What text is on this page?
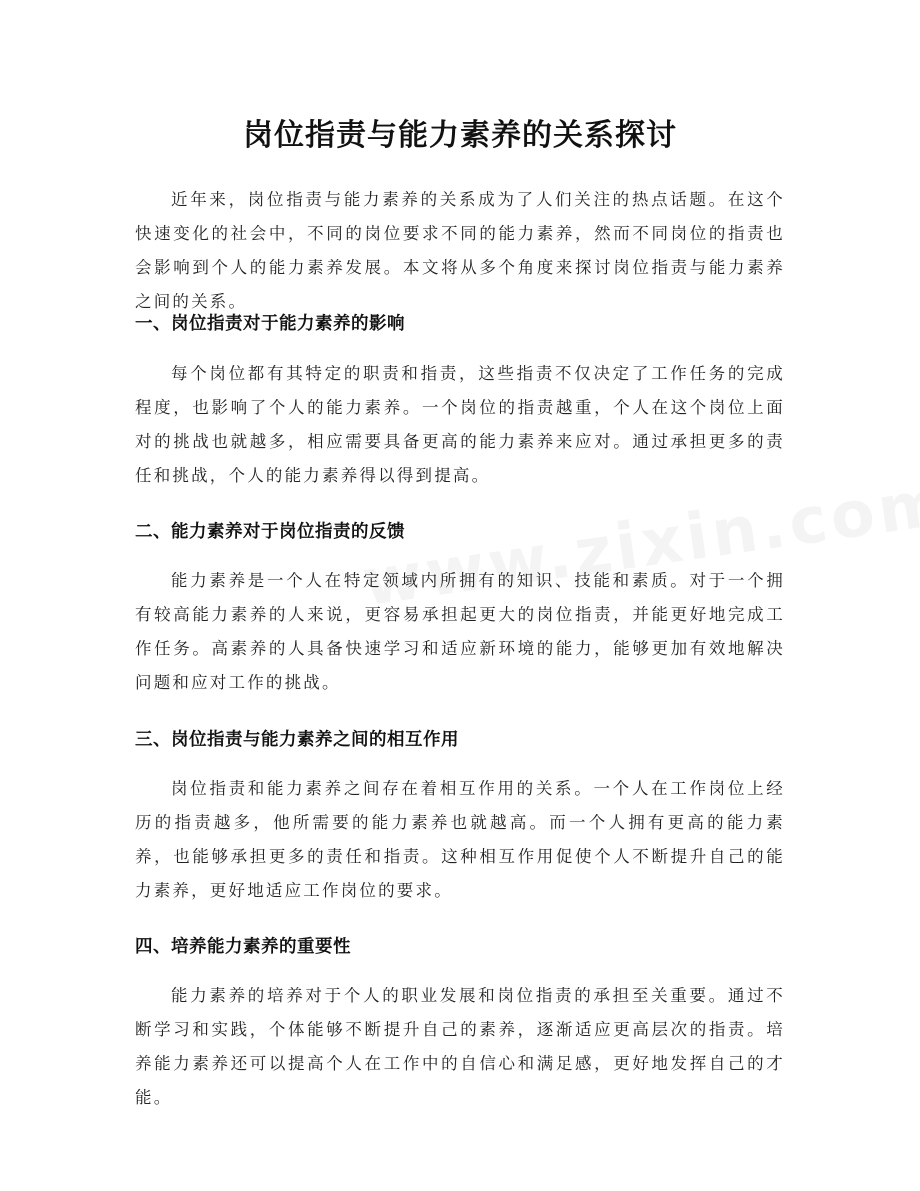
岗位指责与能力素养的关系探讨

近年来，岗位指责与能力素养的关系成为了人们关注的热点话题。在这个快速变化的社会中，不同的岗位要求不同的能力素养，然而不同岗位的指责也会影响到个人的能力素养发展。本文将从多个角度来探讨岗位指责与能力素养之间的关系。

一、岗位指责对于能力素养的影响

每个岗位都有其特定的职责和指责，这些指责不仅决定了工作任务的完成程度，也影响了个人的能力素养。一个岗位的指责越重，个人在这个岗位上面对的挑战也就越多，相应需要具备更高的能力素养来应对。通过承担更多的责任和挑战，个人的能力素养得以得到提高。

二、能力素养对于岗位指责的反馈

能力素养是一个人在特定领域内所拥有的知识、技能和素质。对于一个拥有较高能力素养的人来说，更容易承担起更大的岗位指责，并能更好地完成工作任务。高素养的人具备快速学习和适应新环境的能力，能够更加有效地解决问题和应对工作的挑战。

三、岗位指责与能力素养之间的相互作用

岗位指责和能力素养之间存在着相互作用的关系。一个人在工作岗位上经历的指责越多，他所需要的能力素养也就越高。而一个人拥有更高的能力素养，也能够承担更多的责任和指责。这种相互作用促使个人不断提升自己的能力素养，更好地适应工作岗位的要求。

四、培养能力素养的重要性

能力素养的培养对于个人的职业发展和岗位指责的承担至关重要。通过不断学习和实践，个体能够不断提升自己的素养，逐渐适应更高层次的指责。培养能力素养还可以提高个人在工作中的自信心和满足感，更好地发挥自己的才能。
